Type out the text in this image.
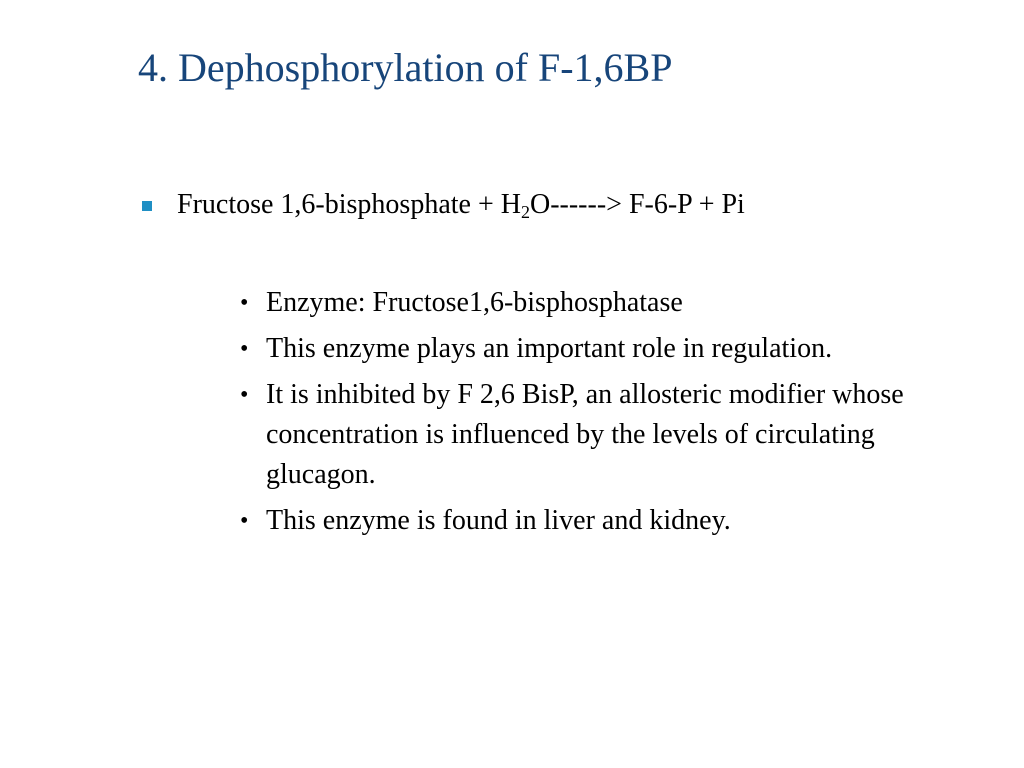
4. Dephosphorylation of F-1,6BP
Fructose 1,6-bisphosphate + $H_2O------> F-6-P + Pi$
• Enzyme: Fructose1,6-bisphosphatase
• This enzyme plays an important role in regulation.
• It is inhibited by F 2,6 BisP, an allosteric modifier whose concentration is influenced by the levels of circulating glucagon.
• This enzyme is found in liver and kidney.
